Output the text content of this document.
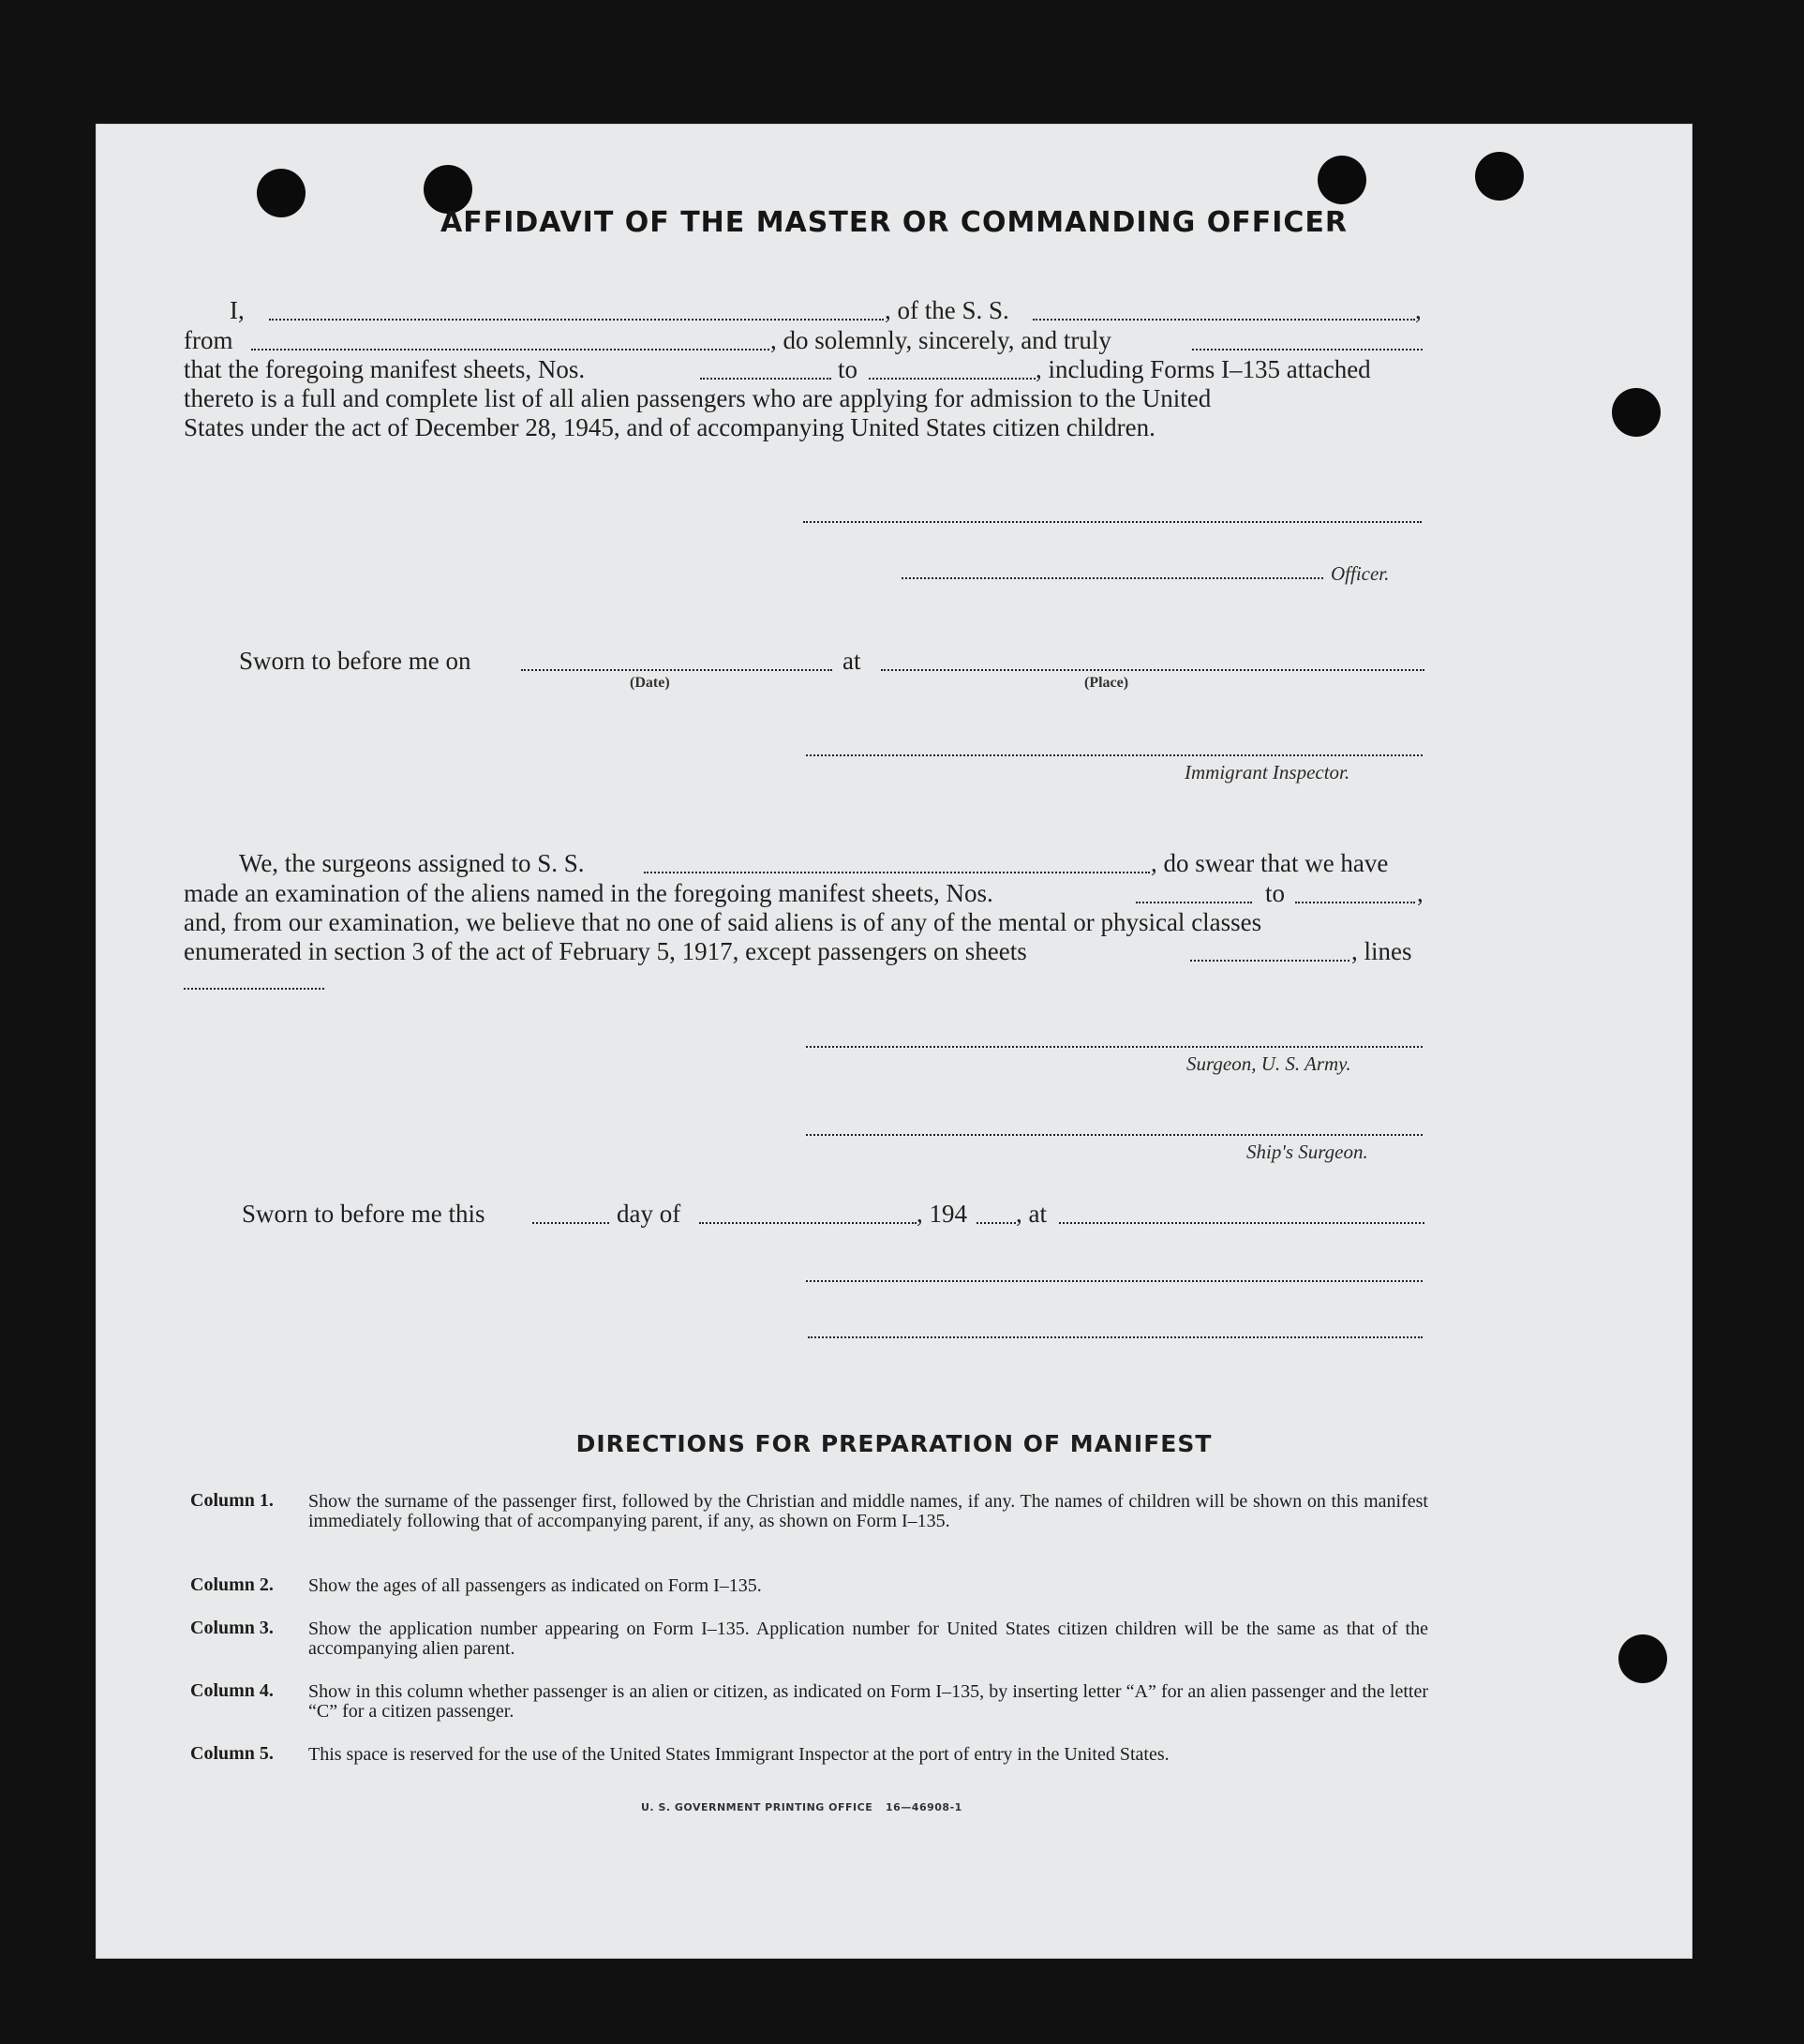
AFFIDAVIT OF THE MASTER OR COMMANDING OFFICER
I,	, of the S. S.	,
from	, do solemnly, sincerely, and truly
that the foregoing manifest sheets, Nos.	to	, including Forms I–135 attached
thereto is a full and complete list of all alien passengers who are applying for admission to the United
States under the act of December 28, 1945, and of accompanying United States citizen children.
Officer.
Sworn to before me on
(Date)
at
(Place)
Immigrant Inspector.
We, the surgeons assigned to S. S.	, do swear that we have
made an examination of the aliens named in the foregoing manifest sheets, Nos.	to	,
and, from our examination, we believe that no one of said aliens is of any of the mental or physical classes
enumerated in section 3 of the act of February 5, 1917, except passengers on sheets	, lines
Surgeon, U. S. Army.
Ship's Surgeon.
Sworn to before me this	day of	, 194 , at
DIRECTIONS FOR PREPARATION OF MANIFEST
Column 1. Show the surname of the passenger first, followed by the Christian and middle names, if any. The names of children will be shown on this manifest immediately following that of accompanying parent, if any, as shown on Form I–135.
Column 2. Show the ages of all passengers as indicated on Form I–135.
Column 3. Show the application number appearing on Form I–135. Application number for United States citizen children will be the same as that of the accompanying alien parent.
Column 4. Show in this column whether passenger is an alien or citizen, as indicated on Form I–135, by inserting letter “A” for an alien passenger and the letter “C” for a citizen passenger.
Column 5. This space is reserved for the use of the United States Immigrant Inspector at the port of entry in the United States.
U. S. GOVERNMENT PRINTING OFFICE 16—46908-1
